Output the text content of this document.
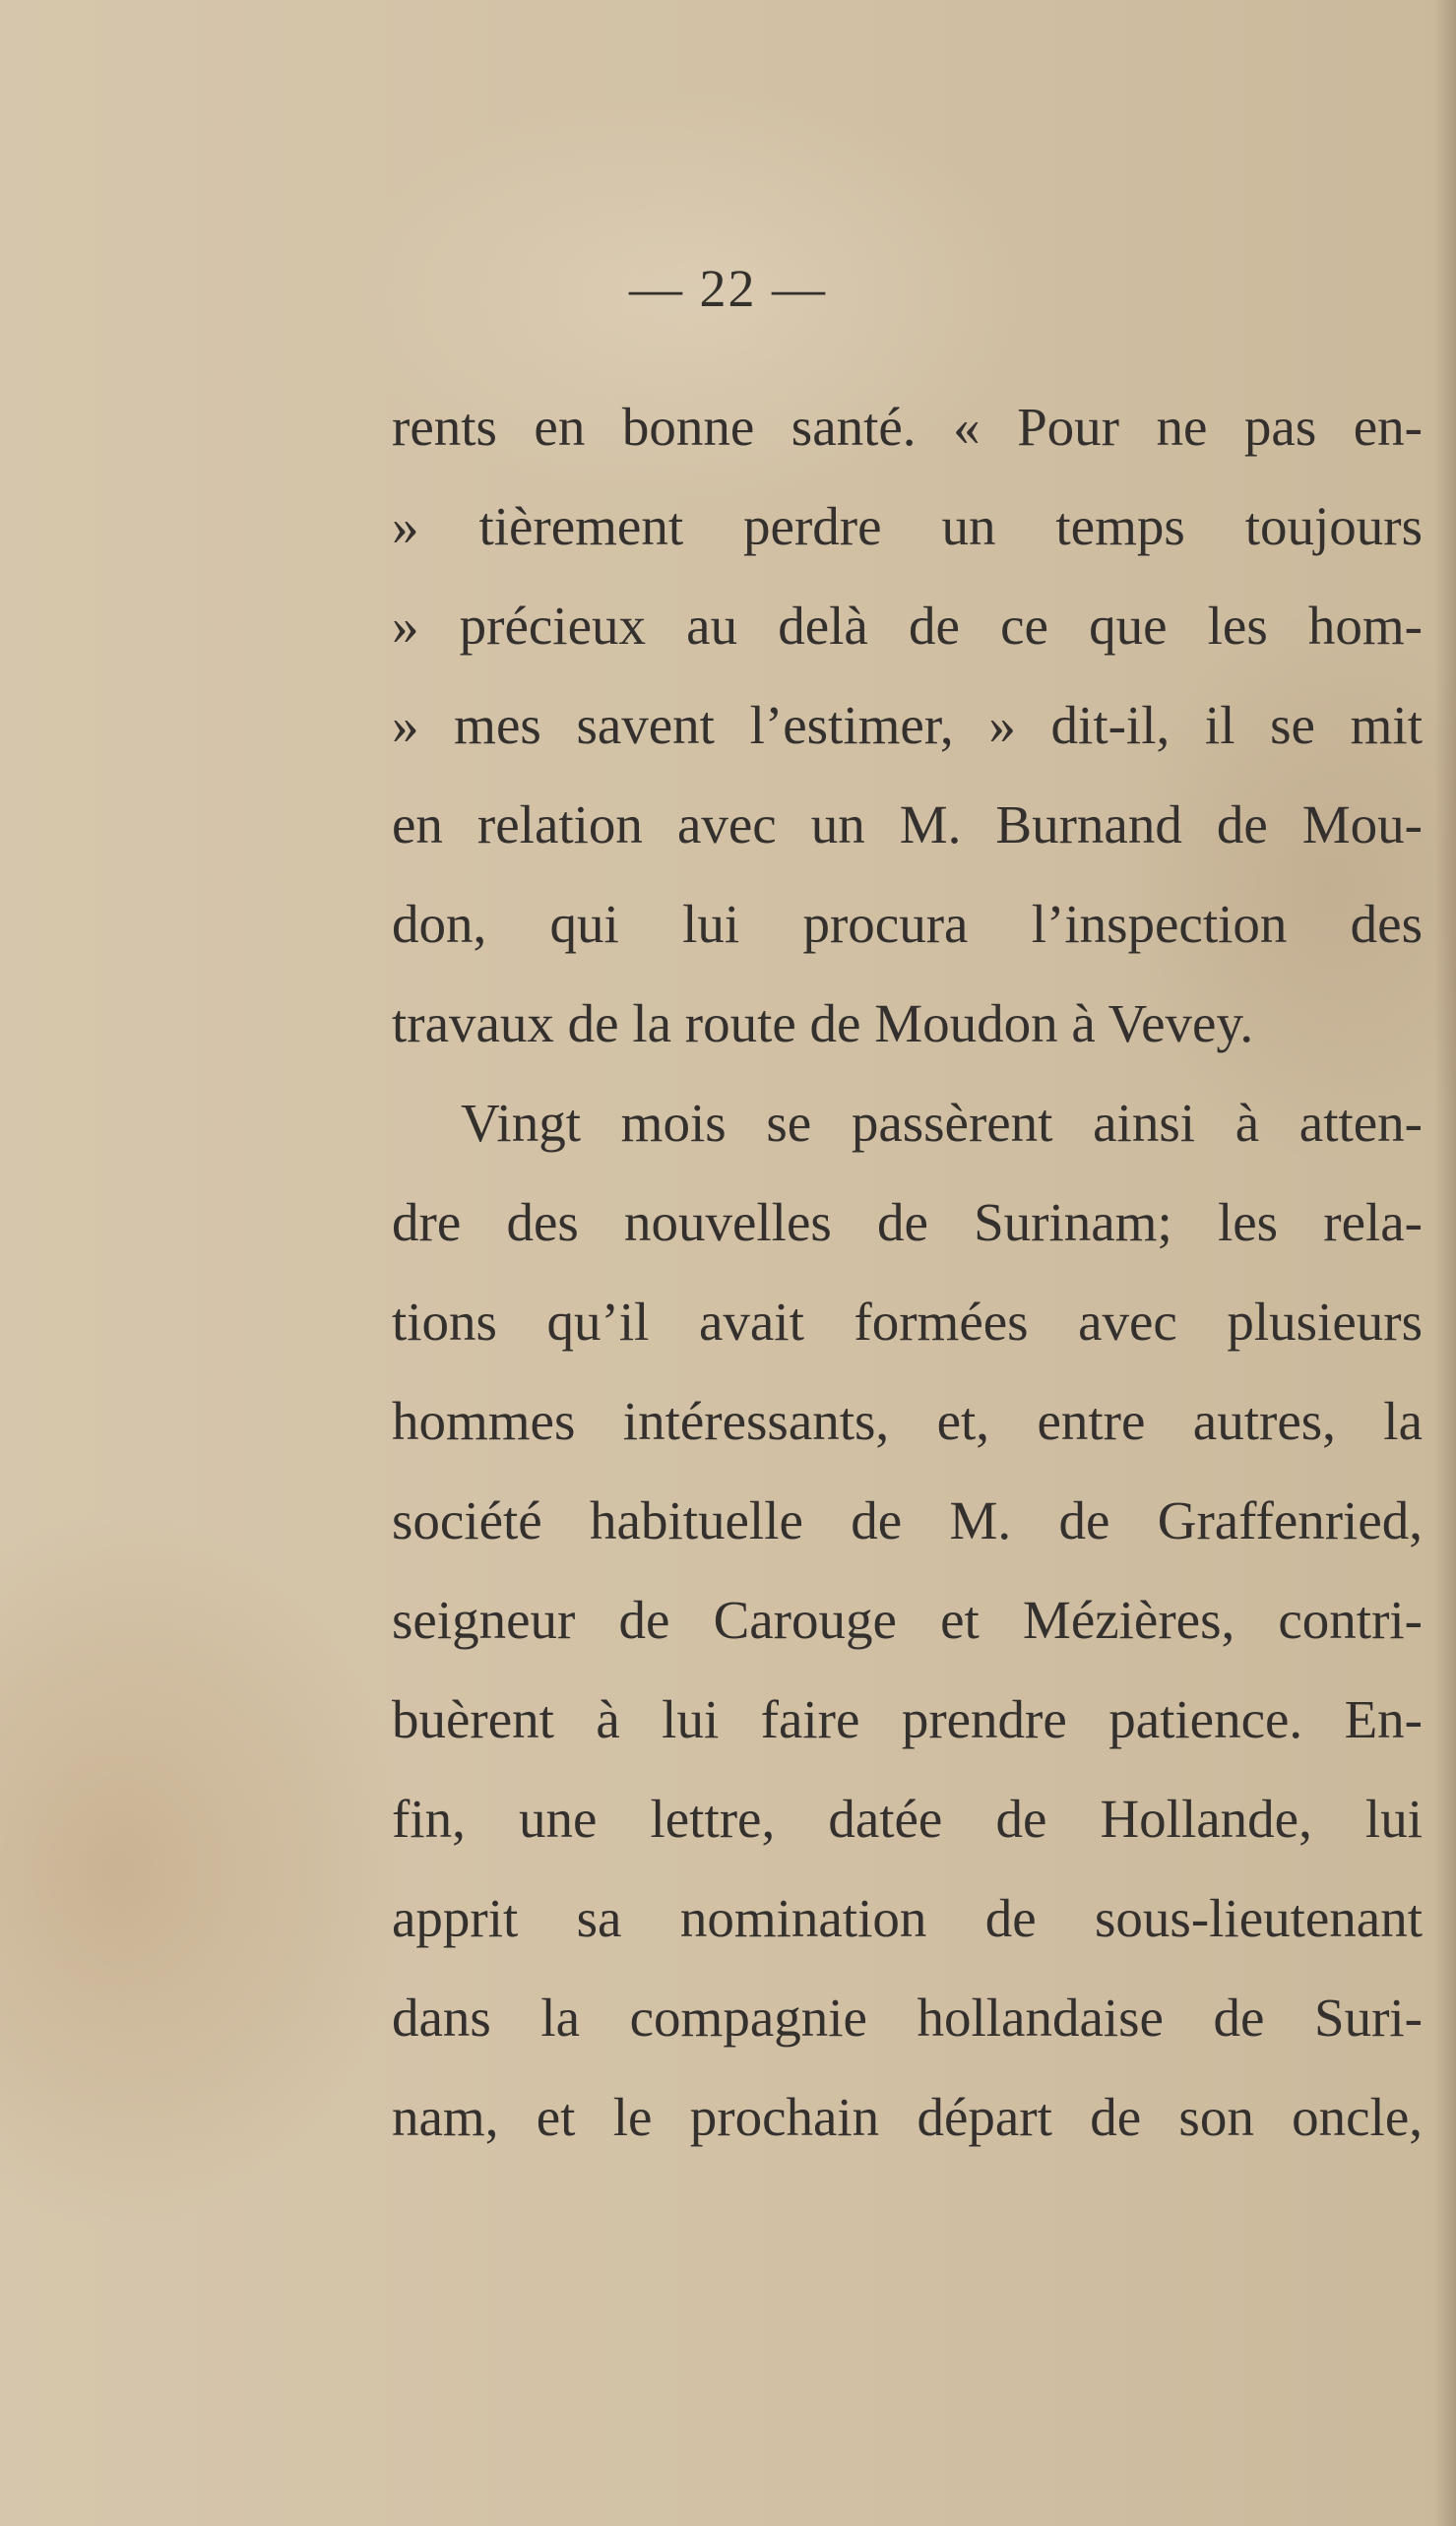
— 22 —
rents en bonne santé. « Pour ne pas en-
» tièrement perdre un temps toujours
» précieux au delà de ce que les hom-
» mes savent l’estimer, » dit-il, il se mit
en relation avec un M. Burnand de Mou-
don, qui lui procura l’inspection des
travaux de la route de Moudon à Vevey.
Vingt mois se passèrent ainsi à atten-
dre des nouvelles de Surinam; les rela-
tions qu’il avait formées avec plusieurs
hommes intéressants, et, entre autres, la
société habituelle de M. de Graffenried,
seigneur de Carouge et Mézières, contri-
buèrent à lui faire prendre patience. En-
fin, une lettre, datée de Hollande, lui
apprit sa nomination de sous-lieutenant
dans la compagnie hollandaise de Suri-
nam, et le prochain départ de son oncle,
